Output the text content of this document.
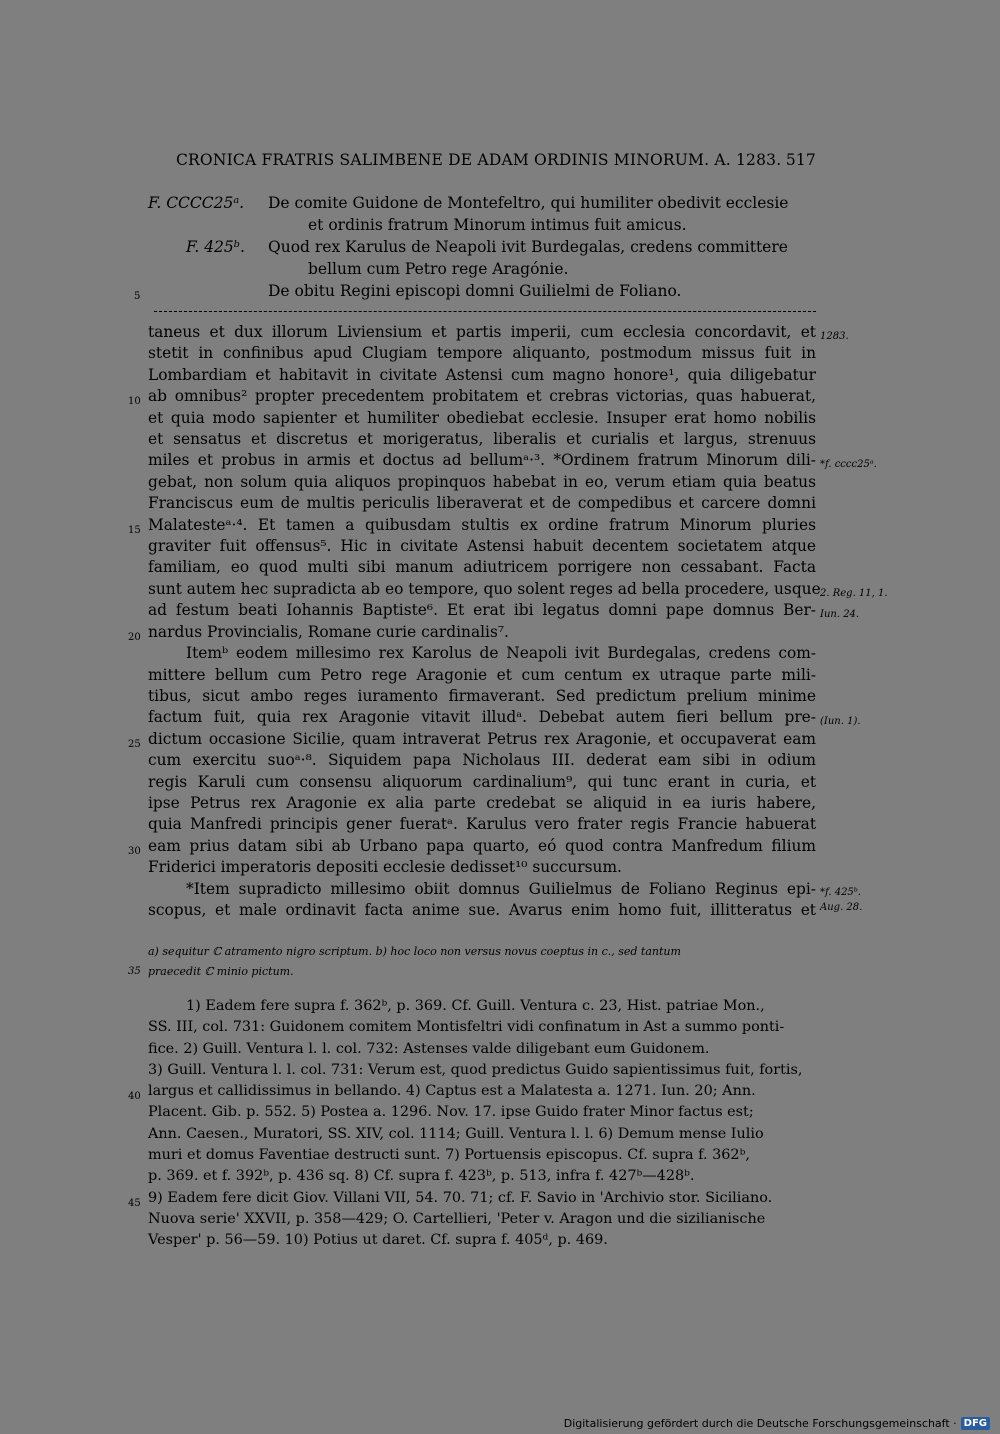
CRONICA FRATRIS SALIMBENE DE ADAM ORDINIS MINORUM. A. 1283. 517
F. CCCC25ᵃ. De comite Guidone de Montefeltro, qui humiliter obedivit ecclesie
et ordinis fratrum Minorum intimus fuit amicus.
F. 425ᵇ. Quod rex Karulus de Neapoli ivit Burdegalas, credens committere
bellum cum Petro rege Aragónie.
5	De obitu Regini episcopi domni Guilielmi de Foliano.
taneus et dux illorum Liviensium et partis imperii, cum ecclesia concordavit, et
stetit in confinibus apud Clugiam tempore aliquanto, postmodum missus fuit in
Lombardiam et habitavit in civitate Astensi cum magno honore¹, quia diligebatur
ab omnibus² propter precedentem probitatem et crebras victorias, quas habuerat,
et quia modo sapienter et humiliter obediebat ecclesie. Insuper erat homo nobilis
et sensatus et discretus et morigeratus, liberalis et curialis et largus, strenuus
miles et probus in armis et doctus ad bellumᵃ·³. *Ordinem fratrum Minorum dili-
gebat, non solum quia aliquos propinquos habebat in eo, verum etiam quia beatus
Franciscus eum de multis periculis liberaverat et de compedibus et carcere domni
Malatesteᵃ·⁴. Et tamen a quibusdam stultis ex ordine fratrum Minorum pluries
graviter fuit offensus⁵. Hic in civitate Astensi habuit decentem societatem atque
familiam, eo quod multi sibi manum adiutricem porrigere non cessabant. Facta
sunt autem hec supradicta ab eo tempore, quo solent reges ad bella procedere, usque
ad festum beati Iohannis Baptiste⁶. Et erat ibi legatus domni pape domnus Ber-
nardus Provincialis, Romane curie cardinalis⁷.
Itemᵇ eodem millesimo rex Karolus de Neapoli ivit Burdegalas, credens com-
mittere bellum cum Petro rege Aragonie et cum centum ex utraque parte mili-
tibus, sicut ambo reges iuramento firmaverant. Sed predictum prelium minime
factum fuit, quia rex Aragonie vitavit illudᵃ. Debebat autem fieri bellum pre-
dictum occasione Sicilie, quam intraverat Petrus rex Aragonie, et occupaverat eam
cum exercitu suoᵃ·⁸. Siquidem papa Nicholaus III. dederat eam sibi in odium
regis Karuli cum consensu aliquorum cardinalium⁹, qui tunc erant in curia, et
ipse Petrus rex Aragonie ex alia parte credebat se aliquid in ea iuris habere,
quia Manfredi principis gener fueratᵃ. Karulus vero frater regis Francie habuerat
eam prius datam sibi ab Urbano papa quarto, eó quod contra Manfredum filium
Friderici imperatoris depositi ecclesie dedisset¹⁰ succursum.
*Item supradicto millesimo obiit domnus Guilielmus de Foliano Reginus epi-
scopus, et male ordinavit facta anime sue. Avarus enim homo fuit, illitteratus et
10
15
20
25
30
1283.
*f. cccc25ᵃ.
2. Reg. 11, 1.
Iun. 24.
(Iun. 1).
*f. 425ᵇ.
Aug. 28.
35
a) sequitur ℂ atramento nigro scriptum. b) hoc loco non versus novus coeptus in c., sed tantum
praecedit ℂ minio pictum.
1) Eadem fere supra f. 362ᵇ, p. 369. Cf. Guill. Ventura c. 23, Hist. patriae Mon.,
SS. III, col. 731: Guidonem comitem Montisfeltri vidi confinatum in Ast a summo ponti-
fice. 2) Guill. Ventura l. l. col. 732: Astenses valde diligebant eum Guidonem.
3) Guill. Ventura l. l. col. 731: Verum est, quod predictus Guido sapientissimus fuit, fortis,
largus et callidissimus in bellando. 4) Captus est a Malatesta a. 1271. Iun. 20; Ann.
Placent. Gib. p. 552. 5) Postea a. 1296. Nov. 17. ipse Guido frater Minor factus est;
Ann. Caesen., Muratori, SS. XIV, col. 1114; Guill. Ventura l. l. 6) Demum mense Iulio
muri et domus Faventiae destructi sunt. 7) Portuensis episcopus. Cf. supra f. 362ᵇ,
p. 369. et f. 392ᵇ, p. 436 sq. 8) Cf. supra f. 423ᵇ, p. 513, infra f. 427ᵇ—428ᵇ.
9) Eadem fere dicit Giov. Villani VII, 54. 70. 71; cf. F. Savio in 'Archivio stor. Siciliano.
Nuova serie' XXVII, p. 358—429; O. Cartellieri, 'Peter v. Aragon und die sizilianische
Vesper' p. 56—59. 10) Potius ut daret. Cf. supra f. 405ᵈ, p. 469.
40
45
Digitalisierung gefördert durch die Deutsche Forschungsgemeinschaft · DFG
